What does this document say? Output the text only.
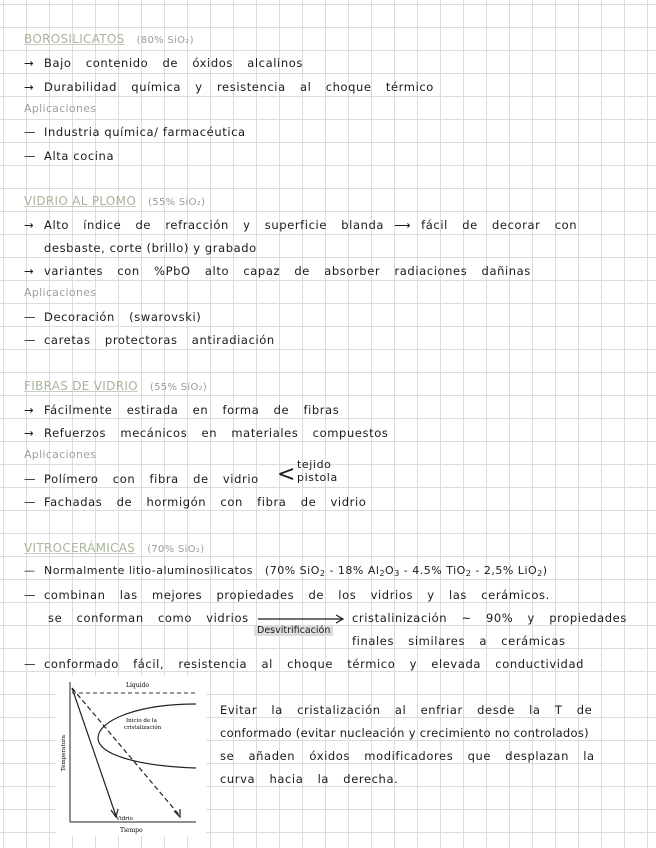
BOROSILICATOS (80% SiO₂)
→ Bajo contenido de óxidos alcalinos
→ Durabilidad química y resistencia al choque térmico
Aplicaciones
— Industria química/ farmacéutica
— Alta cocina
VIDRIO AL PLOMO (55% SiO₂)
→ Alto índice de refracción y superficie blanda ⟶ fácil de decorar con
desbaste, corte (brillo) y grabado
→ variantes con %PbO alto capaz de absorber radiaciones dañinas
Aplicaciones
— Decoración (swarovski)
— caretas protectoras antiradiación
FIBRAS DE VIDRIO (55% SiO₂)
→ Fácilmente estirada en forma de fibras
→ Refuerzos mecánicos en materiales compuestos
Aplicaciones
— Polímero con fibra de vidrio < tejido
pistola
— Fachadas de hormigón con fibra de vidrio
VITROCERÁMICAS (70% SiO₂)
— Normalmente litio-aluminosilicatos (70% SiO$_2$ - 18% $Al_2O_3 - 4.5\%$ TiO$_2$ - 2,5% LiO$_2$)
— combinan las mejores propiedades de los vidrios y las cerámicos.
se conforman como vidrios
Desvitrificación
cristalinización ~ 90% y propiedades
finales similares a cerámicas
— conformado fácil, resistencia al choque térmico y elevada conductividad
Líquido
Inicio de la
cristalización
Vidrio
Temperatura
Tiempo
Evitar la cristalización al enfriar desde la T de
conformado (evitar nucleación y crecimiento no controlados)
se añaden óxidos modificadores que desplazan la
curva hacia la derecha.
